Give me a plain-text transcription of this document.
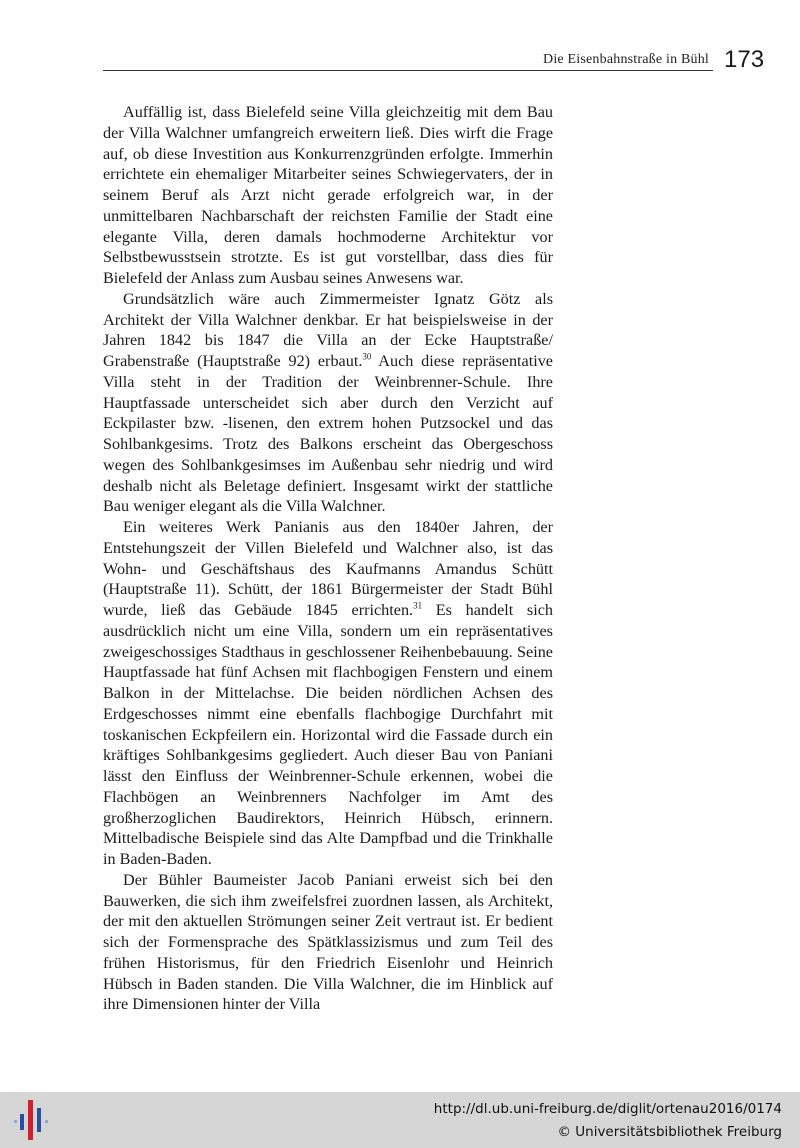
Die Eisenbahnstraße in Bühl 173

Auffällig ist, dass Bielefeld seine Villa gleichzeitig mit dem Bau der Villa Walchner umfangreich erweitern ließ. Dies wirft die Frage auf, ob diese Investition aus Konkurrenzgründen erfolgte. Immerhin errichtete ein ehemaliger Mitarbeiter seines Schwiegervaters, der in seinem Beruf als Arzt nicht gerade erfolgreich war, in der unmittelbaren Nachbarschaft der reichsten Familie der Stadt eine elegante Villa, deren damals hochmoderne Architektur vor Selbstbewusstsein strotzte. Es ist gut vorstellbar, dass dies für Bielefeld der Anlass zum Ausbau seines Anwesens war.

Grundsätzlich wäre auch Zimmermeister Ignatz Götz als Architekt der Villa Walchner denkbar. Er hat beispielsweise in der Jahren 1842 bis 1847 die Villa an der Ecke Hauptstraße/ Grabenstraße (Hauptstraße 92) erbaut.$^{30}$ Auch diese repräsentative Villa steht in der Tradition der Weinbrenner-Schule. Ihre Hauptfassade unterscheidet sich aber durch den Verzicht auf Eckpilaster bzw. -lisenen, den extrem hohen Putzsockel und das Sohlbankgesims. Trotz des Balkons erscheint das Obergeschoss wegen des Sohlbankgesimses im Außenbau sehr niedrig und wird deshalb nicht als Beletage definiert. Insgesamt wirkt der stattliche Bau weniger elegant als die Villa Walchner.

Ein weiteres Werk Panianis aus den 1840er Jahren, der Entstehungszeit der Villen Bielefeld und Walchner also, ist das Wohn- und Geschäftshaus des Kaufmanns Amandus Schütt (Hauptstraße 11). Schütt, der 1861 Bürgermeister der Stadt Bühl wurde, ließ das Gebäude 1845 errichten.$^{31}$ Es handelt sich ausdrücklich nicht um eine Villa, sondern um ein repräsentatives zweigeschossiges Stadthaus in geschlossener Reihenbebauung. Seine Hauptfassade hat fünf Achsen mit flachbogigen Fenstern und einem Balkon in der Mittelachse. Die beiden nördlichen Achsen des Erdgeschosses nimmt eine ebenfalls flachbogige Durchfahrt mit toskanischen Eckpfeilern ein. Horizontal wird die Fassade durch ein kräftiges Sohlbankgesims gegliedert. Auch dieser Bau von Paniani lässt den Einfluss der Weinbrenner-Schule erkennen, wobei die Flachbögen an Weinbrenners Nachfolger im Amt des großherzoglichen Baudirektors, Heinrich Hübsch, erinnern. Mittelbadische Beispiele sind das Alte Dampfbad und die Trinkhalle in Baden-Baden.

Der Bühler Baumeister Jacob Paniani erweist sich bei den Bauwerken, die sich ihm zweifelsfrei zuordnen lassen, als Architekt, der mit den aktuellen Strömungen seiner Zeit vertraut ist. Er bedient sich der Formensprache des Spätklassizismus und zum Teil des frühen Historismus, für den Friedrich Eisenlohr und Heinrich Hübsch in Baden standen. Die Villa Walchner, die im Hinblick auf ihre Dimensionen hinter der Villa

http://dl.ub.uni-freiburg.de/diglit/ortenau2016/0174
© Universitätsbibliothek Freiburg
